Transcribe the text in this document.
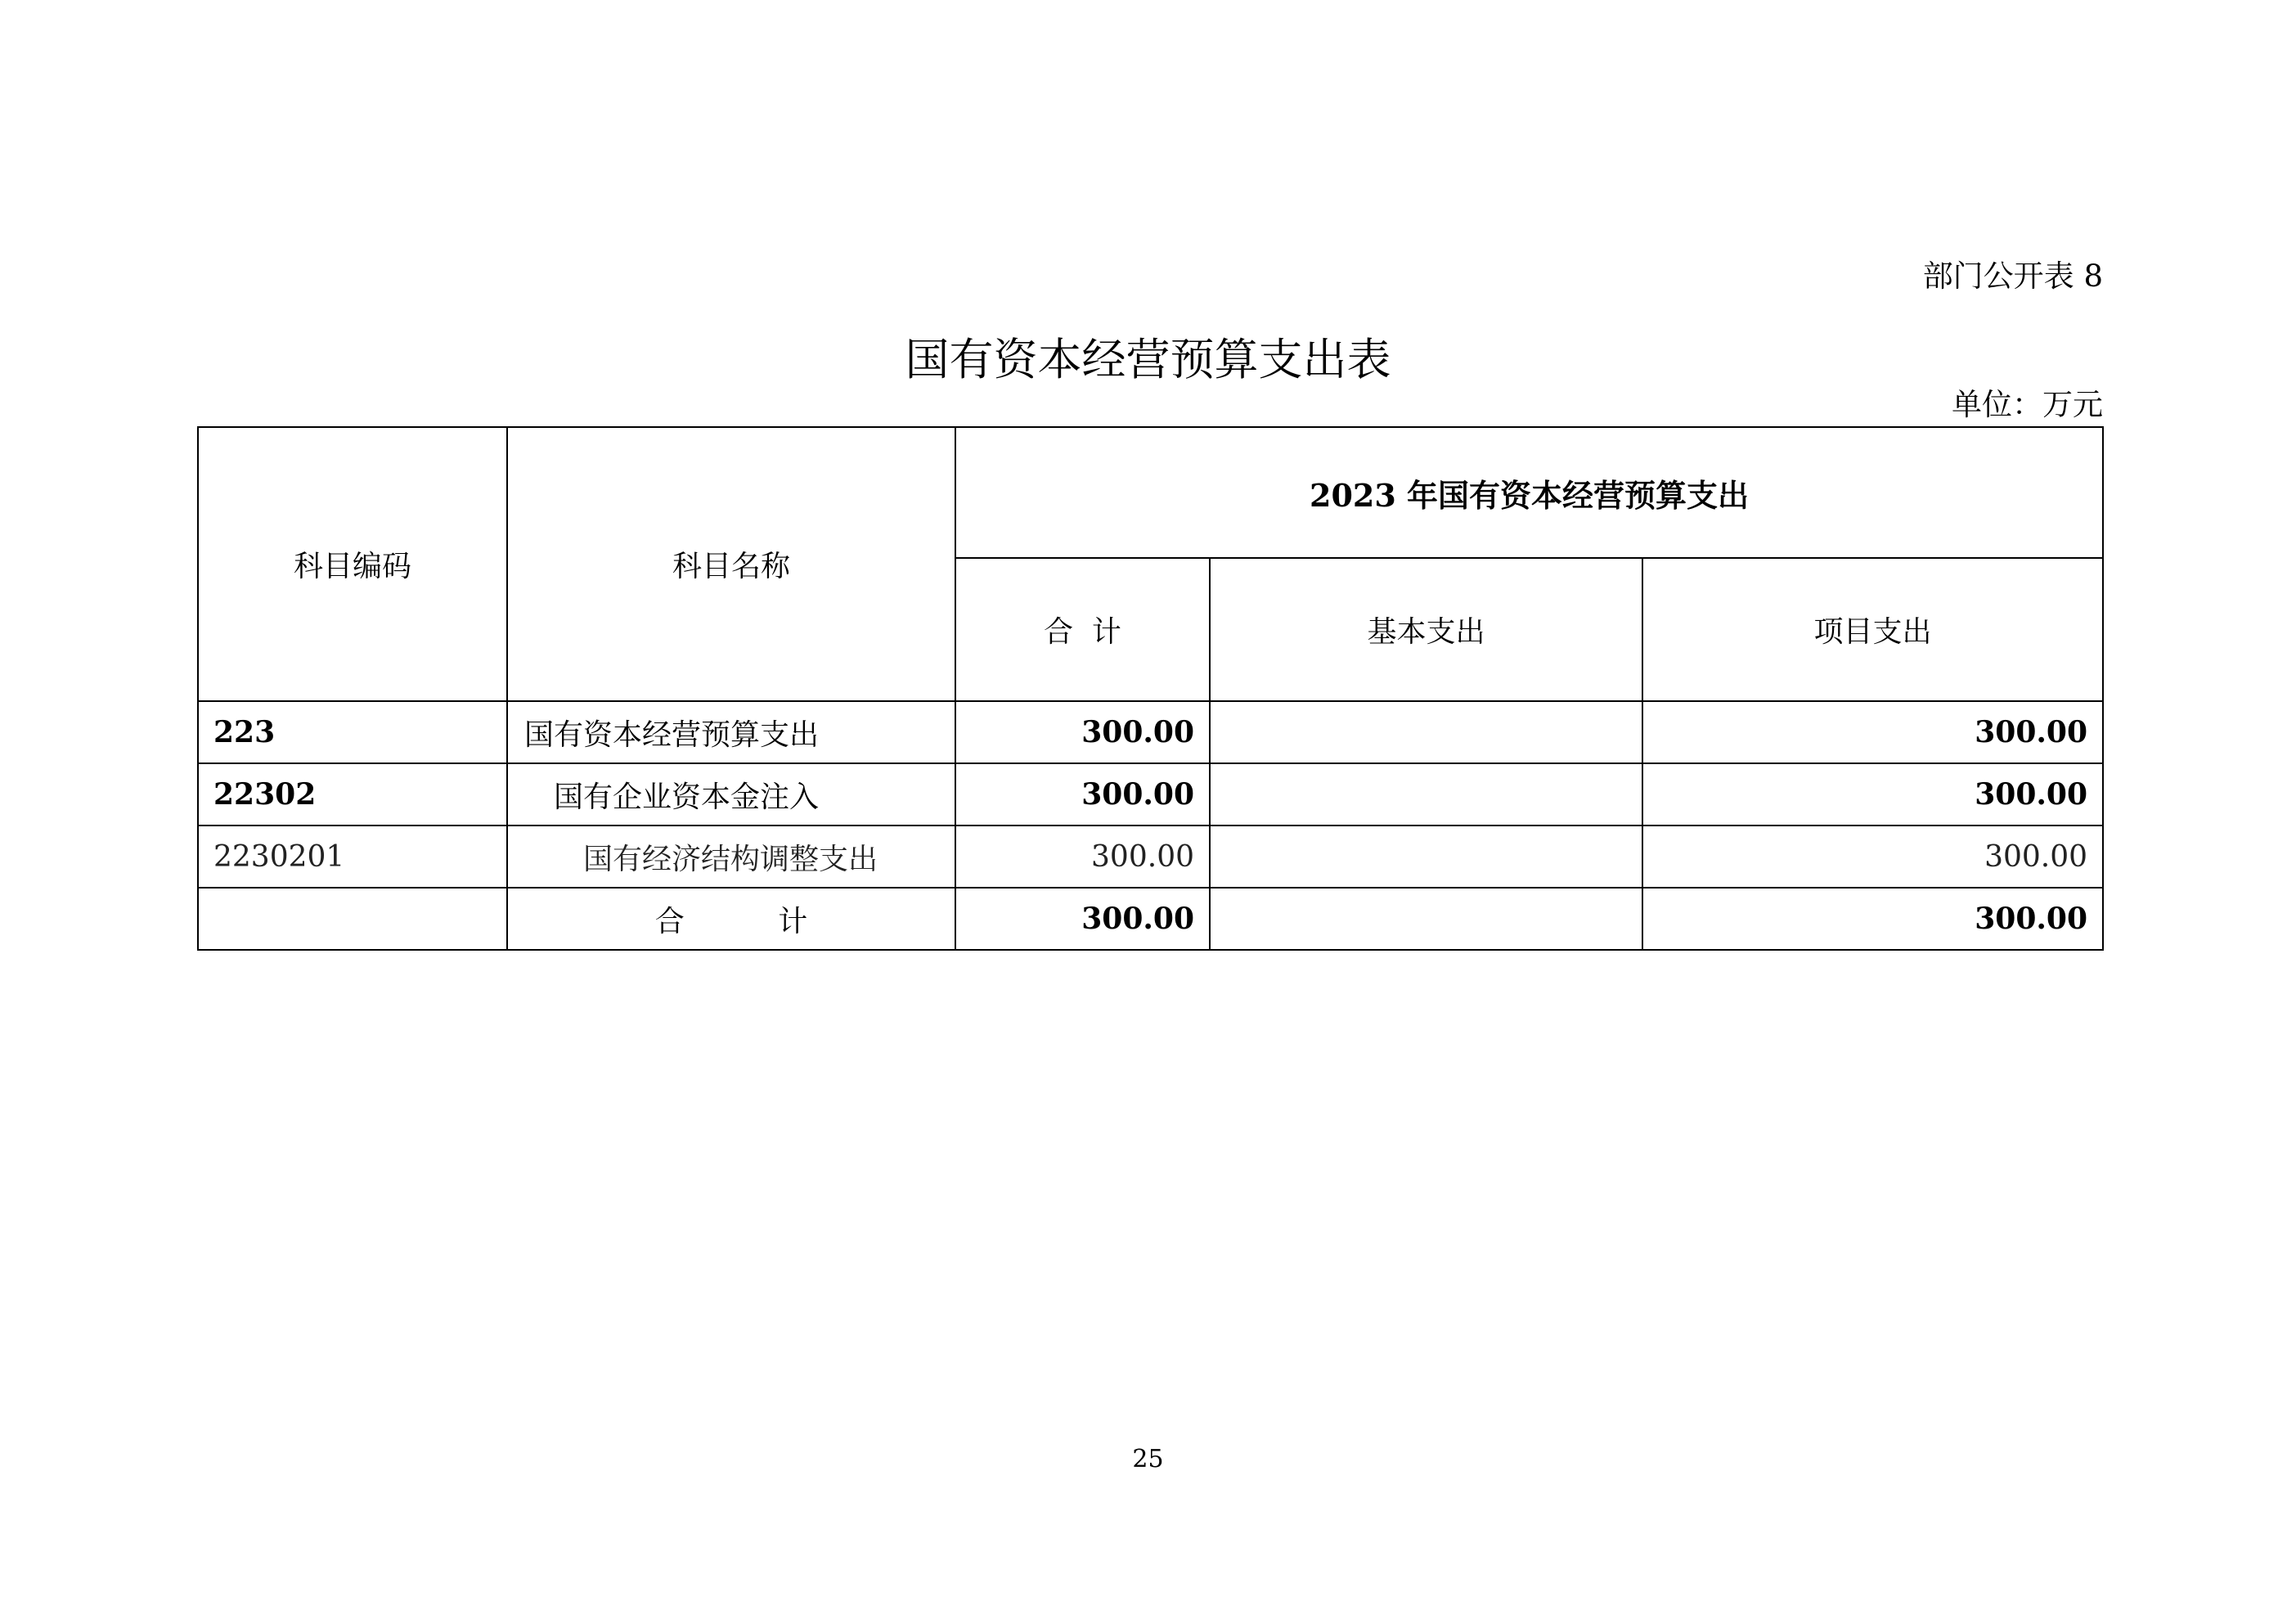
部门公开表 8
国有资本经营预算支出表
单位：万元
科目编码	科目名称	2023 年国有资本经营预算支出		
		合  计	基本支出	项目支出
223	国有资本经营预算支出	300.00		300.00
22302	国有企业资本金注入	300.00		300.00
2230201	国有经济结构调整支出	300.00		300.00
	合          计	300.00		300.00
25
